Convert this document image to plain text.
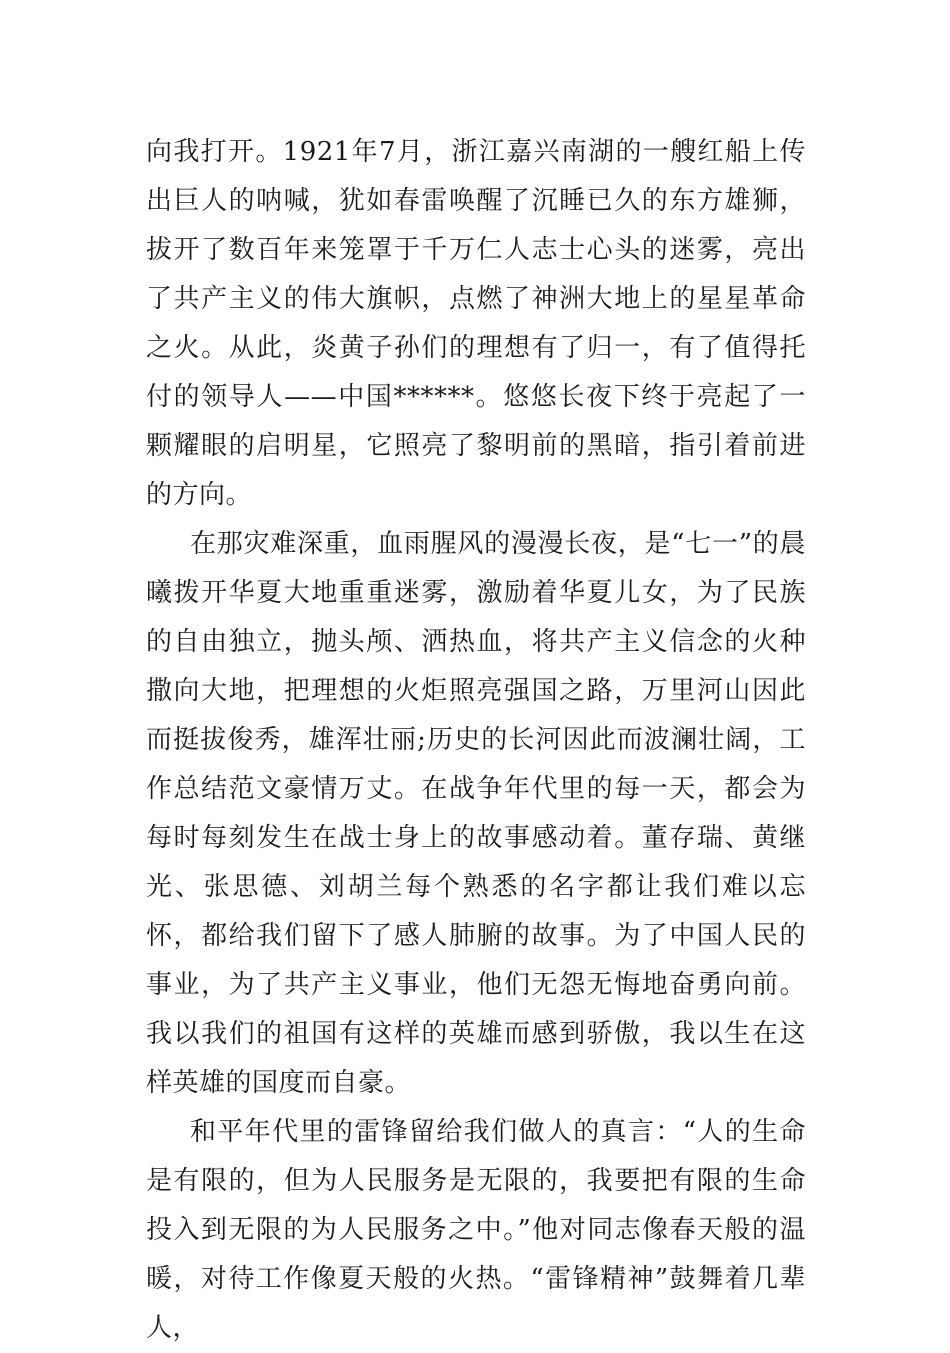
向我打开。1921年7月，浙江嘉兴南湖的一艘红船上传出巨人的呐喊，犹如春雷唤醒了沉睡已久的东方雄狮，拔开了数百年来笼罩于千万仁人志士心头的迷雾，亮出了共产主义的伟大旗帜，点燃了神洲大地上的星星革命之火。从此，炎黄子孙们的理想有了归一，有了值得托付的领导人——中国******。悠悠长夜下终于亮起了一颗耀眼的启明星，它照亮了黎明前的黑暗，指引着前进的方向。

在那灾难深重，血雨腥风的漫漫长夜，是“七一”的晨曦拨开华夏大地重重迷雾，激励着华夏儿女，为了民族的自由独立，抛头颅、洒热血，将共产主义信念的火种撒向大地，把理想的火炬照亮强国之路，万里河山因此而挺拔俊秀，雄浑壮丽;历史的长河因此而波澜壮阔，工作总结范文豪情万丈。在战争年代里的每一天，都会为每时每刻发生在战士身上的故事感动着。董存瑞、黄继光、张思德、刘胡兰每个熟悉的名字都让我们难以忘怀，都给我们留下了感人肺腑的故事。为了中国人民的事业，为了共产主义事业，他们无怨无悔地奋勇向前。我以我们的祖国有这样的英雄而感到骄傲，我以生在这样英雄的国度而自豪。

和平年代里的雷锋留给我们做人的真言：“人的生命是有限的，但为人民服务是无限的，我要把有限的生命投入到无限的为人民服务之中。”他对同志像春天般的温暖，对待工作像夏天般的火热。“雷锋精神”鼓舞着几辈人，
